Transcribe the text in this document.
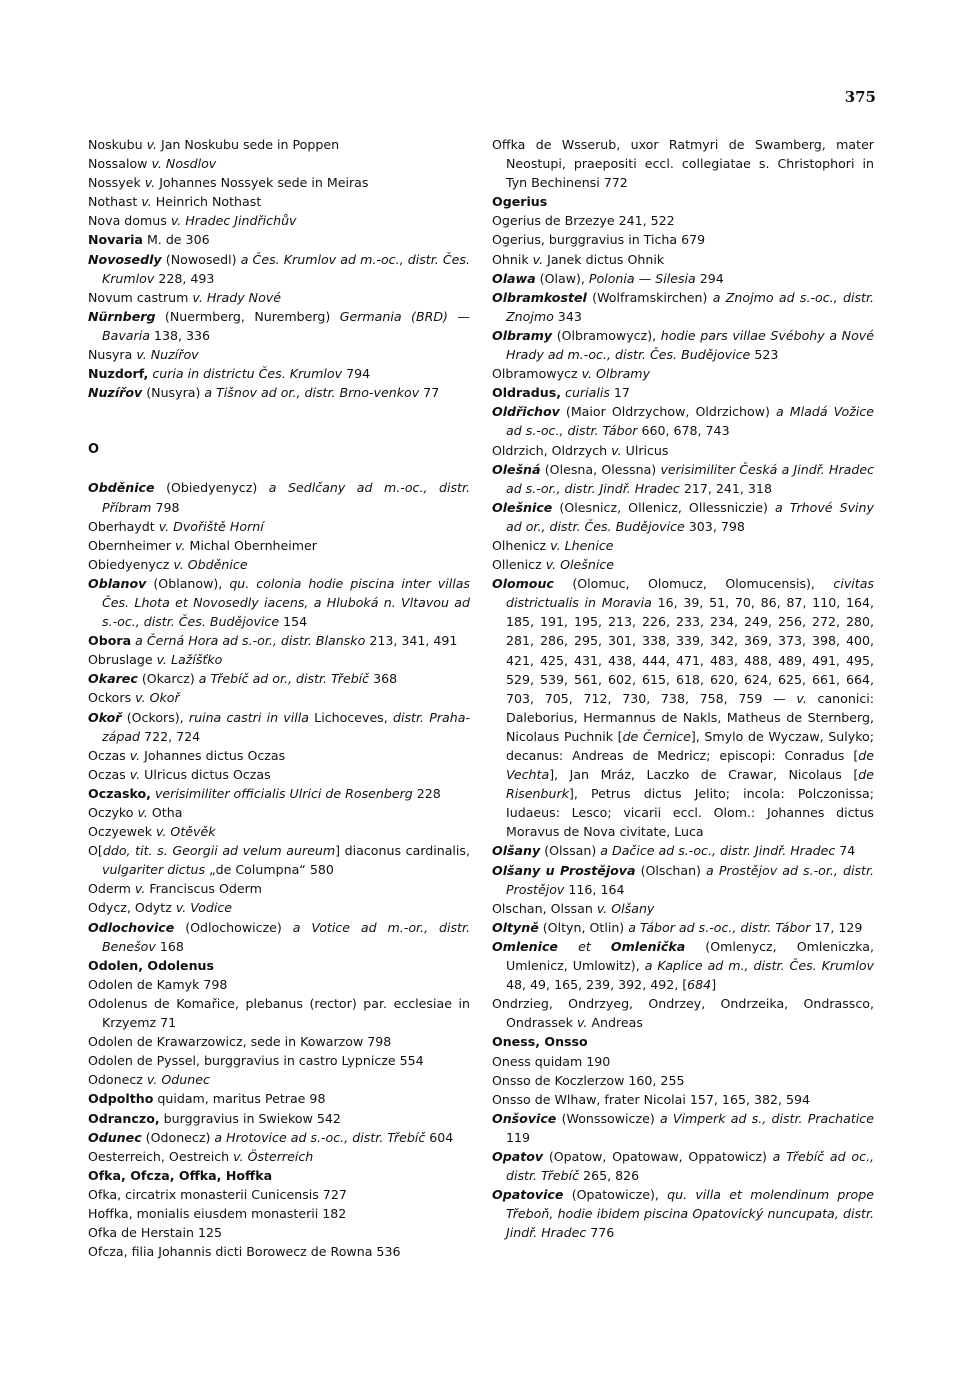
375
Noskubu v. Jan Noskubu sede in Poppen
Nossalow v. Nosdlov
Nossyek v. Johannes Nossyek sede in Meiras
Nothast v. Heinrich Nothast
Nova domus v. Hradec Jindřichův
Novaria M. de 306
Novosedly (Nowosedl) a Čes. Krumlov ad m.-oc., distr. Čes. Krumlov 228, 493
Novum castrum v. Hrady Nové
Nürnberg (Nuermberg, Nuremberg) Germania (BRD) — Bavaria 138, 336
Nusyra v. Nuzířov
Nuzdorf, curia in districtu Čes. Krumlov 794
Nuzířov (Nusyra) a Tišnov ad or., distr. Brno-venkov 77
O
Obděnice (Obiedyenycz) a Sedlčany ad m.-oc., distr. Příbram 798
Oberhaydt v. Dvořiště Horní
Obernheimer v. Michal Obernheimer
Obiedyenycz v. Obděnice
Oblanov (Oblanow), qu. colonia hodie piscina inter villas Čes. Lhota et Novosedly iacens, a Hluboká n. Vltavou ad s.-oc., distr. Čes. Budějovice 154
Obora a Černá Hora ad s.-or., distr. Blansko 213, 341, 491
Obruslage v. Lažíšťko
Okarec (Okarcz) a Třebíč ad or., distr. Třebíč 368
Ockors v. Okoř
Okoř (Ockors), ruina castri in villa Lichoceves, distr. Praha-západ 722, 724
Oczas v. Johannes dictus Oczas
Oczas v. Ulricus dictus Oczas
Oczasko, verisimiliter officialis Ulrici de Rosenberg 228
Oczyko v. Otha
Oczyewek v. Otěvěk
O[ddo, tit. s. Georgii ad velum aureum] diaconus cardinalis, vulgariter dictus „de Columpna“ 580
Oderm v. Franciscus Oderm
Odycz, Odytz v. Vodice
Odlochovice (Odlochowicze) a Votice ad m.-or., distr. Benešov 168
Odolen, Odolenus
Odolen de Kamyk 798
Odolenus de Komařice, plebanus (rector) par. ecclesiae in Krzyemz 71
Odolen de Krawarzowicz, sede in Kowarzow 798
Odolen de Pyssel, burggravius in castro Lypnicze 554
Odonecz v. Odunec
Odpoltho quidam, maritus Petrae 98
Odranczo, burggravius in Swiekow 542
Odunec (Odonecz) a Hrotovice ad s.-oc., distr. Třebíč 604
Oesterreich, Oestreich v. Österreich
Ofka, Ofcza, Offka, Hoffka
Ofka, circatrix monasterii Cunicensis 727
Hoffka, monialis eiusdem monasterii 182
Ofka de Herstain 125
Ofcza, filia Johannis dicti Borowecz de Rowna 536
Offka de Wsserub, uxor Ratmyri de Swamberg, mater Neostupi, praepositi eccl. collegiatae s. Christophori in Tyn Bechinensi 772
Ogerius
Ogerius de Brzezye 241, 522
Ogerius, burggravius in Ticha 679
Ohnik v. Janek dictus Ohnik
Olawa (Olaw), Polonia — Silesia 294
Olbramkostel (Wolframskirchen) a Znojmo ad s.-oc., distr. Znojmo 343
Olbramy (Olbramowycz), hodie pars villae Svébohy a Nové Hrady ad m.-oc., distr. Čes. Budějovice 523
Olbramowycz v. Olbramy
Oldradus, curialis 17
Oldřichov (Maior Oldrzychow, Oldrzichow) a Mladá Vožice ad s.-oc., distr. Tábor 660, 678, 743
Oldrzich, Oldrzych v. Ulricus
Olešná (Olesna, Olessna) verisimiliter Česká a Jindř. Hradec ad s.-or., distr. Jindř. Hradec 217, 241, 318
Olešnice (Olesnicz, Ollenicz, Ollessniczie) a Trhové Sviny ad or., distr. Čes. Budějovice 303, 798
Olhenicz v. Lhenice
Ollenicz v. Olešnice
Olomouc (Olomuc, Olomucz, Olomucensis), civitas districtualis in Moravia 16, 39, 51, 70, 86, 87, 110, 164, 185, 191, 195, 213, 226, 233, 234, 249, 256, 272, 280, 281, 286, 295, 301, 338, 339, 342, 369, 373, 398, 400, 421, 425, 431, 438, 444, 471, 483, 488, 489, 491, 495, 529, 539, 561, 602, 615, 618, 620, 624, 625, 661, 664, 703, 705, 712, 730, 738, 758, 759 — v. canonici: Daleborius, Hermannus de Nakls, Matheus de Sternberg, Nicolaus Puchnik [de Černice], Smylo de Wyczaw, Sulyko; decanus: Andreas de Medricz; episcopi: Conradus [de Vechta], Jan Mráz, Laczko de Crawar, Nicolaus [de Risenburk], Petrus dictus Jelito; incola: Polczonissa; Iudaeus: Lesco; vicarii eccl. Olom.: Johannes dictus Moravus de Nova civitate, Luca
Olšany (Olssan) a Dačice ad s.-oc., distr. Jindř. Hradec 74
Olšany u Prostějova (Olschan) a Prostějov ad s.-or., distr. Prostějov 116, 164
Olschan, Olssan v. Olšany
Oltyně (Oltyn, Otlin) a Tábor ad s.-oc., distr. Tábor 17, 129
Omlenice et Omlenička (Omlenycz, Omleniczka, Umlenicz, Umlowitz), a Kaplice ad m., distr. Čes. Krumlov 48, 49, 165, 239, 392, 492, [684]
Ondrzieg, Ondrzyeg, Ondrzey, Ondrzeika, Ondrassco, Ondrassek v. Andreas
Oness, Onsso
Oness quidam 190
Onsso de Koczlerzow 160, 255
Onsso de Wlhaw, frater Nicolai 157, 165, 382, 594
Onšovice (Wonssowicze) a Vimperk ad s., distr. Prachatice 119
Opatov (Opatow, Opatowaw, Oppatowicz) a Třebíč ad oc., distr. Třebíč 265, 826
Opatovice (Opatowicze), qu. villa et molendinum prope Třeboň, hodie ibidem piscina Opatovický nuncupata, distr. Jindř. Hradec 776
